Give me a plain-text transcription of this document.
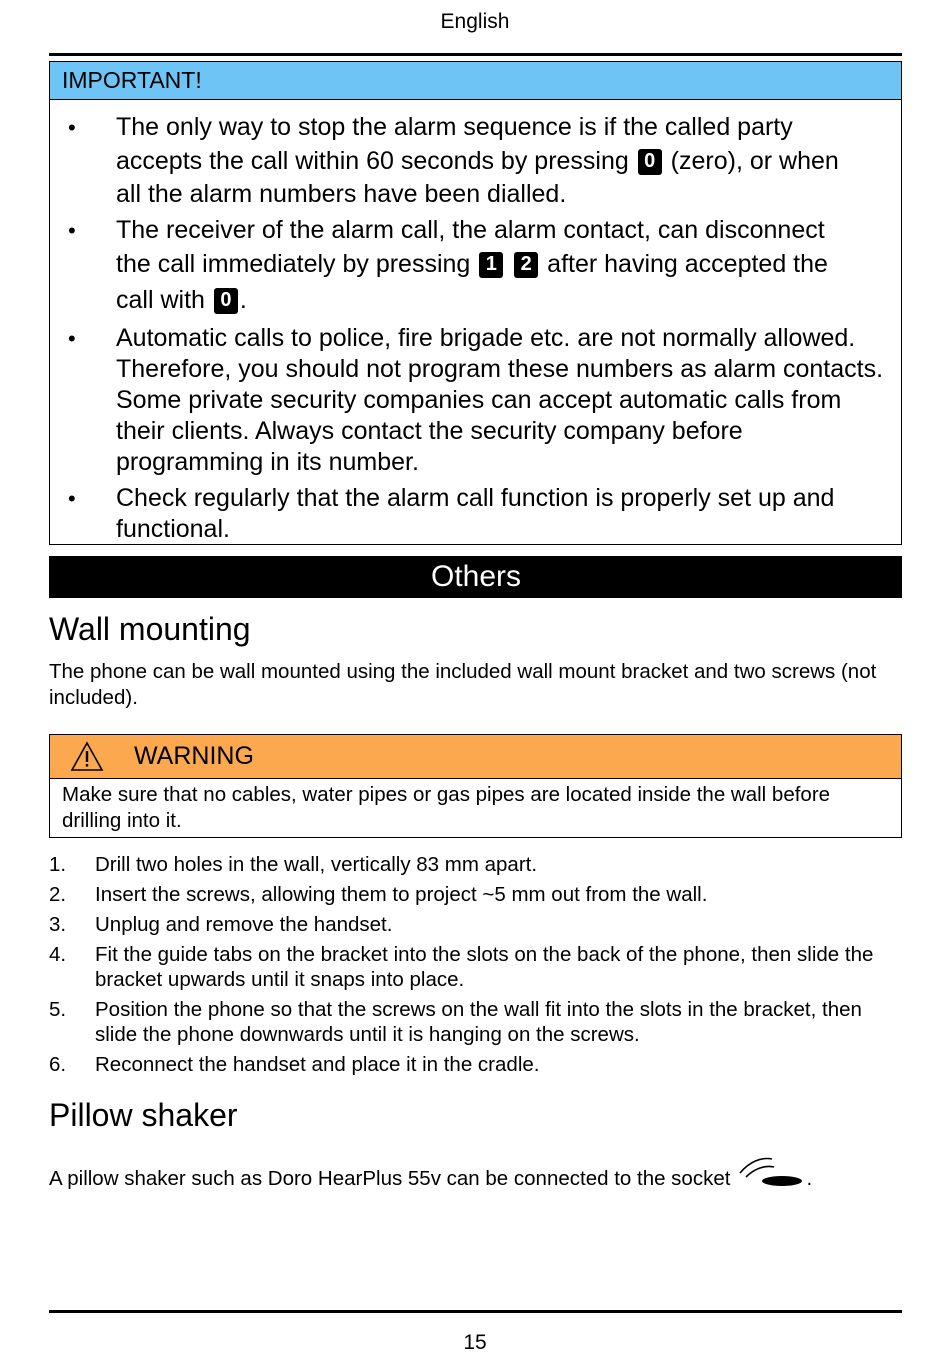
English
IMPORTANT!
• The only way to stop the alarm sequence is if the called party
accepts the call within 60 seconds by pressing 0 (zero), or when
all the alarm numbers have been dialled.
• The receiver of the alarm call, the alarm contact, can disconnect
the call immediately by pressing 1 2 after having accepted the
call with 0 .
• Automatic calls to police, fire brigade etc. are not normally allowed. Therefore, you should not program these numbers as alarm contacts. Some private security companies can accept automatic calls from their clients. Always contact the security company before programming in its number.
• Check regularly that the alarm call function is properly set up and functional.
Others
Wall mounting
The phone can be wall mounted using the included wall mount bracket and two screws (not included).
WARNING
Make sure that no cables, water pipes or gas pipes are located inside the wall before drilling into it.
1. Drill two holes in the wall, vertically 83 mm apart.
2. Insert the screws, allowing them to project ~5 mm out from the wall.
3. Unplug and remove the handset.
4. Fit the guide tabs on the bracket into the slots on the back of the phone, then slide the bracket upwards until it snaps into place.
5. Position the phone so that the screws on the wall fit into the slots in the bracket, then slide the phone downwards until it is hanging on the screws.
6. Reconnect the handset and place it in the cradle.
Pillow shaker
A pillow shaker such as Doro HearPlus 55v can be connected to the socket	.
15
